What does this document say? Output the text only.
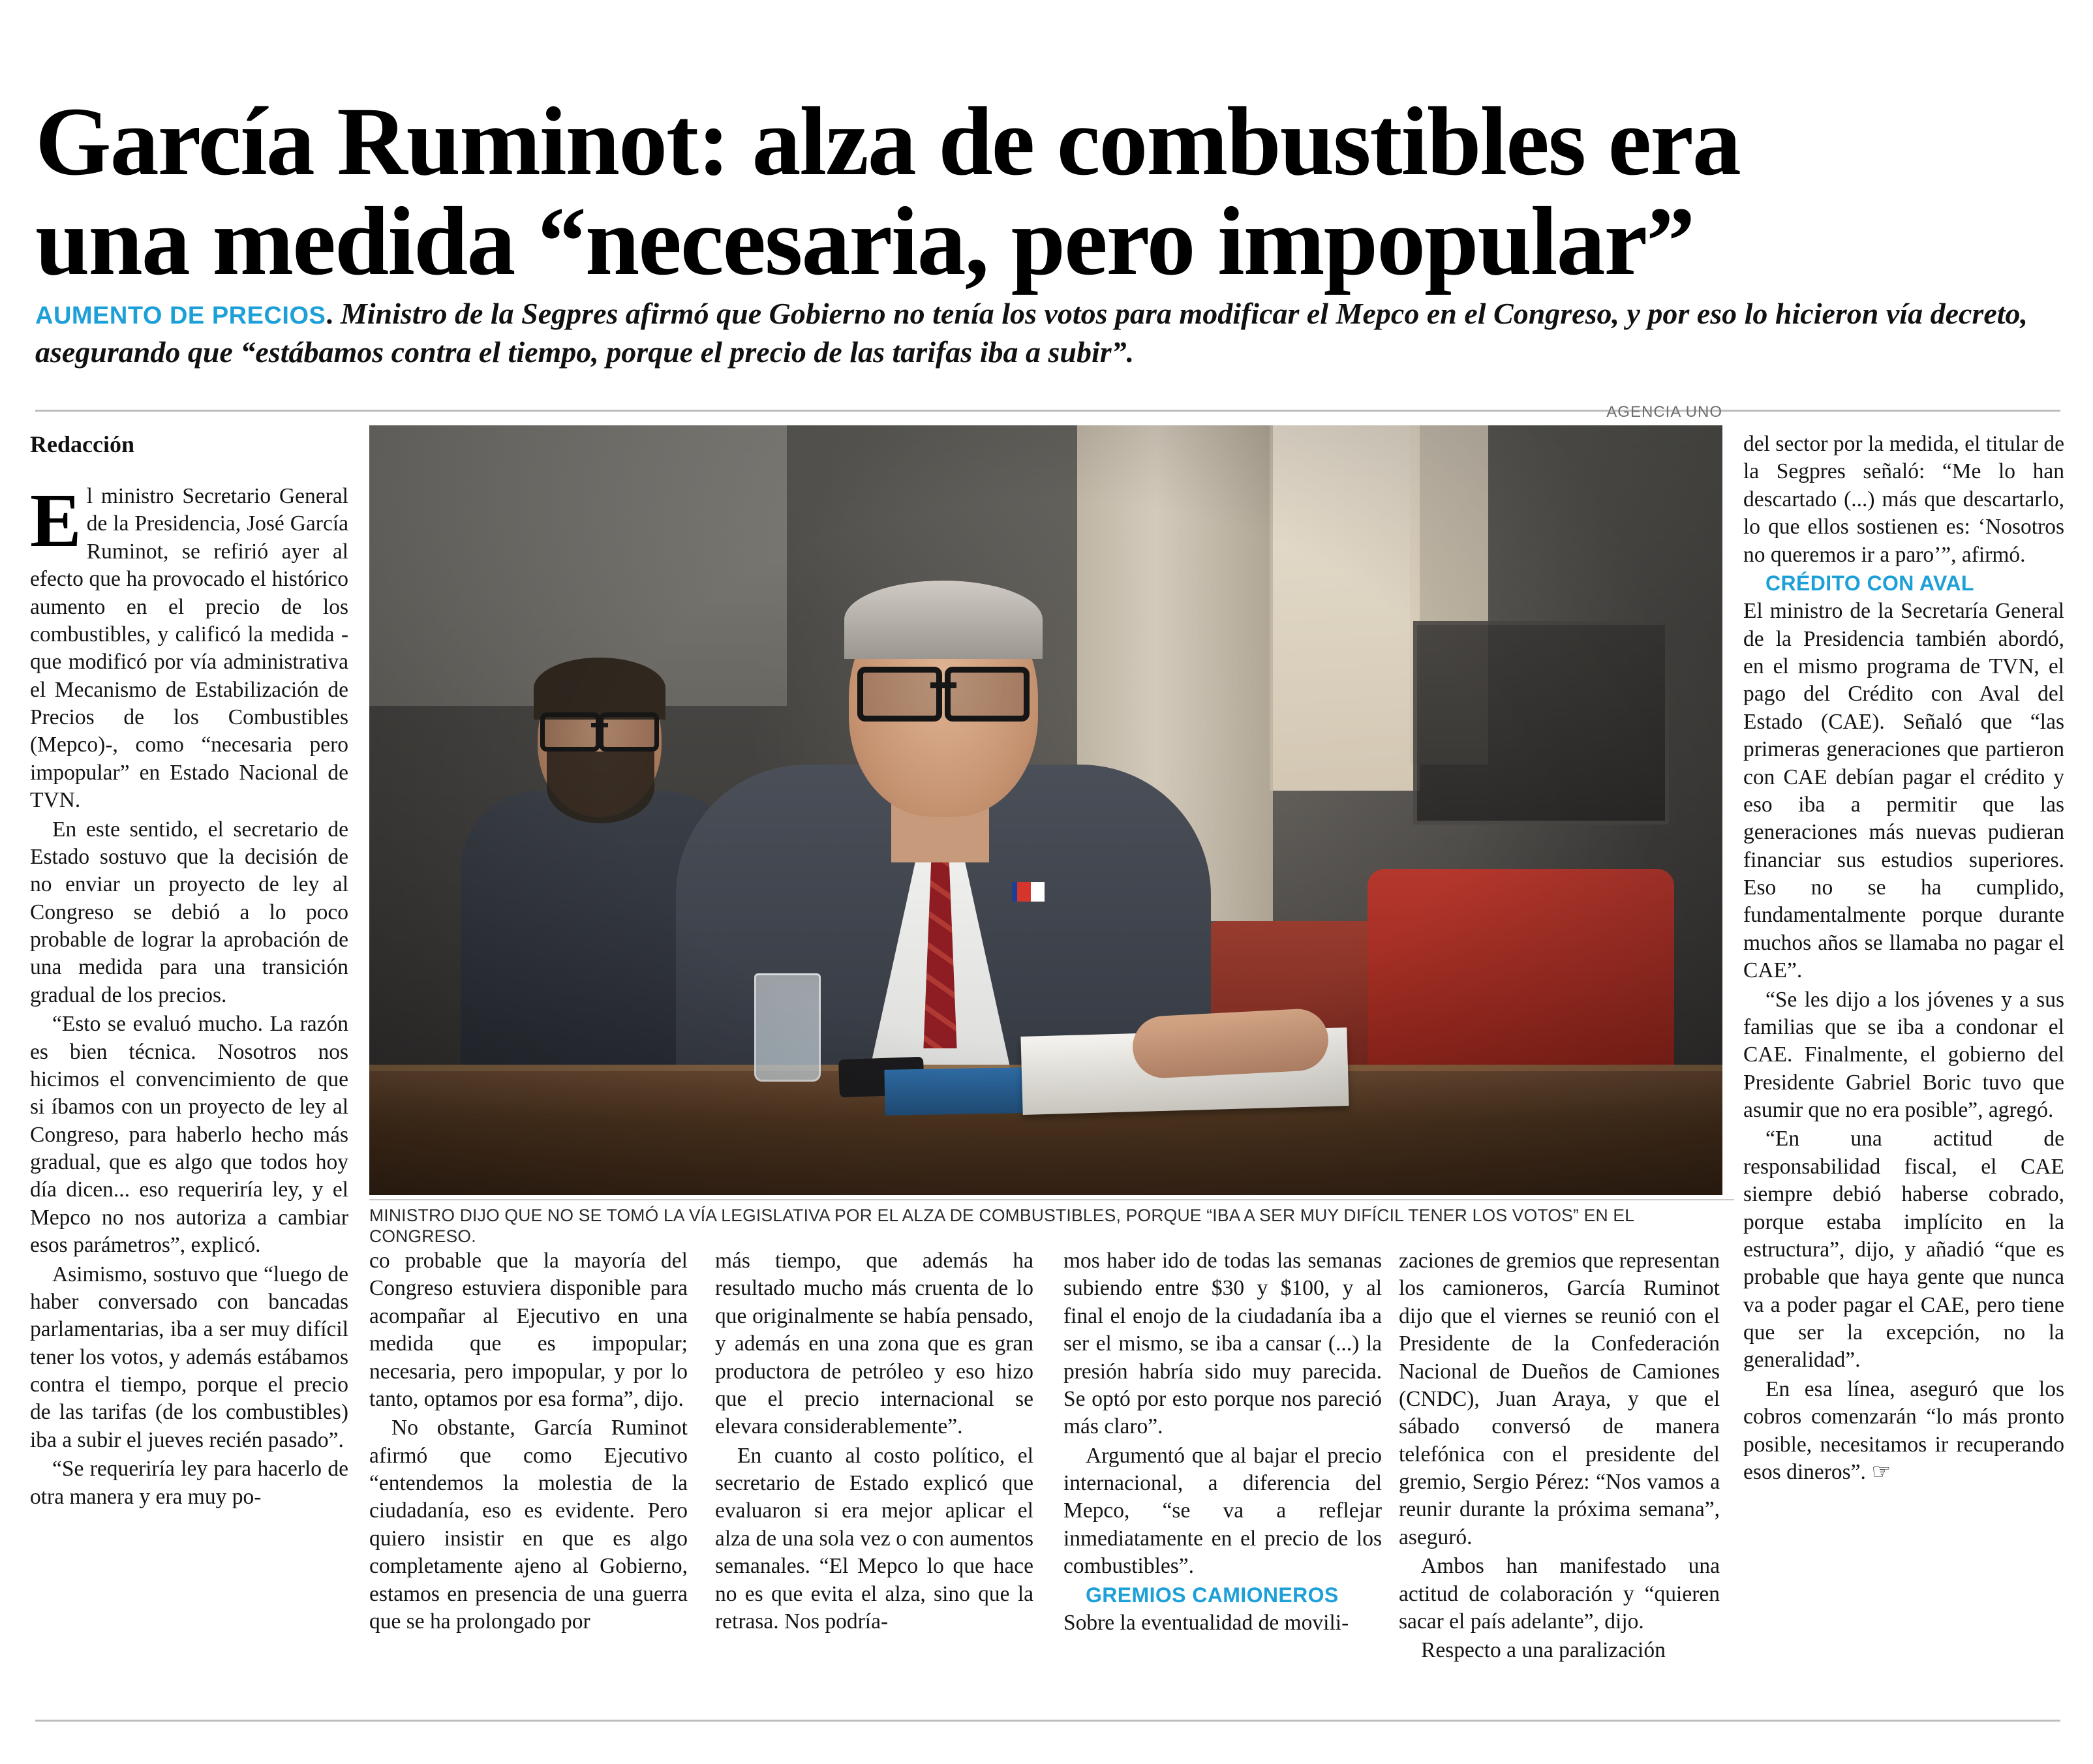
García Ruminot: alza de combustibles era
una medida “necesaria, pero impopular”
AUMENTO DE PRECIOS. Ministro de la Segpres afirmó que Gobierno no tenía los votos para modificar el Mepco en el Congreso, y por eso lo hicieron vía decreto, asegurando que “estábamos contra el tiempo, porque el precio de las tarifas iba a subir”.
Redacción
AGENCIA UNO
MINISTRO DIJO QUE NO SE TOMÓ LA VÍA LEGISLATIVA POR EL ALZA DE COMBUSTIBLES, PORQUE “IBA A SER MUY DIFÍCIL TENER LOS VOTOS” EN EL CONGRESO.

El ministro Secretario General de la Presidencia, José García Ruminot, se refirió ayer al efecto que ha provocado el histórico aumento en el precio de los combustibles, y calificó la medida -que modificó por vía administrativa el Mecanismo de Estabilización de Precios de los Combustibles (Mepco)-, como “necesaria pero impopular” en Estado Nacional de TVN.

En este sentido, el secretario de Estado sostuvo que la decisión de no enviar un proyecto de ley al Congreso se debió a lo poco probable de lograr la aprobación de una medida para una transición gradual de los precios.

“Esto se evaluó mucho. La razón es bien técnica. Nosotros nos hicimos el convencimiento de que si íbamos con un proyecto de ley al Congreso, para haberlo hecho más gradual, que es algo que todos hoy día dicen... eso requeriría ley, y el Mepco no nos autoriza a cambiar esos parámetros”, explicó.

Asimismo, sostuvo que “luego de haber conversado con bancadas parlamentarias, iba a ser muy difícil tener los votos, y además estábamos contra el tiempo, porque el precio de las tarifas (de los combustibles) iba a subir el jueves recién pasado”.

“Se requeriría ley para hacerlo de otra manera y era muy po-

co probable que la mayoría del Congreso estuviera disponible para acompañar al Ejecutivo en una medida que es impopular; necesaria, pero impopular, y por lo tanto, optamos por esa forma”, dijo.

No obstante, García Ruminot afirmó que como Ejecutivo “entendemos la molestia de la ciudadanía, eso es evidente. Pero quiero insistir en que es algo completamente ajeno al Gobierno, estamos en presencia de una guerra que se ha prolongado por

más tiempo, que además ha resultado mucho más cruenta de lo que originalmente se había pensado, y además en una zona que es gran productora de petróleo y eso hizo que el precio internacional se elevara considerablemente”.

En cuanto al costo político, el secretario de Estado explicó que evaluaron si era mejor aplicar el alza de una sola vez o con aumentos semanales. “El Mepco lo que hace no es que evita el alza, sino que la retrasa. Nos podría-

mos haber ido de todas las semanas subiendo entre $30 y $100, y al final el enojo de la ciudadanía iba a ser el mismo, se iba a cansar (...) la presión habría sido muy parecida. Se optó por esto porque nos pareció más claro”.

Argumentó que al bajar el precio internacional, a diferencia del Mepco, “se va a reflejar inmediatamente en el precio de los combustibles”.

GREMIOS CAMIONEROS

Sobre la eventualidad de movili-

zaciones de gremios que representan los camioneros, García Ruminot dijo que el viernes se reunió con el Presidente de la Confederación Nacional de Dueños de Camiones (CNDC), Juan Araya, y que el sábado conversó de manera telefónica con el presidente del gremio, Sergio Pérez: “Nos vamos a reunir durante la próxima semana”, aseguró.

Ambos han manifestado una actitud de colaboración y “quieren sacar el país adelante”, dijo.

Respecto a una paralización

del sector por la medida, el titular de la Segpres señaló: “Me lo han descartado (...) más que descartarlo, lo que ellos sostienen es: ‘Nosotros no queremos ir a paro’”, afirmó.

CRÉDITO CON AVAL

El ministro de la Secretaría General de la Presidencia también abordó, en el mismo programa de TVN, el pago del Crédito con Aval del Estado (CAE). Señaló que “las primeras generaciones que partieron con CAE debían pagar el crédito y eso iba a permitir que las generaciones más nuevas pudieran financiar sus estudios superiores. Eso no se ha cumplido, fundamentalmente porque durante muchos años se llamaba no pagar el CAE”.

“Se les dijo a los jóvenes y a sus familias que se iba a condonar el CAE. Finalmente, el gobierno del Presidente Gabriel Boric tuvo que asumir que no era posible”, agregó.

“En una actitud de responsabilidad fiscal, el CAE siempre debió haberse cobrado, porque estaba implícito en la estructura”, dijo, y añadió “que es probable que haya gente que nunca va a poder pagar el CAE, pero tiene que ser la excepción, no la generalidad”.

En esa línea, aseguró que los cobros comenzarán “lo más pronto posible, necesitamos ir recuperando esos dineros”. ☞
